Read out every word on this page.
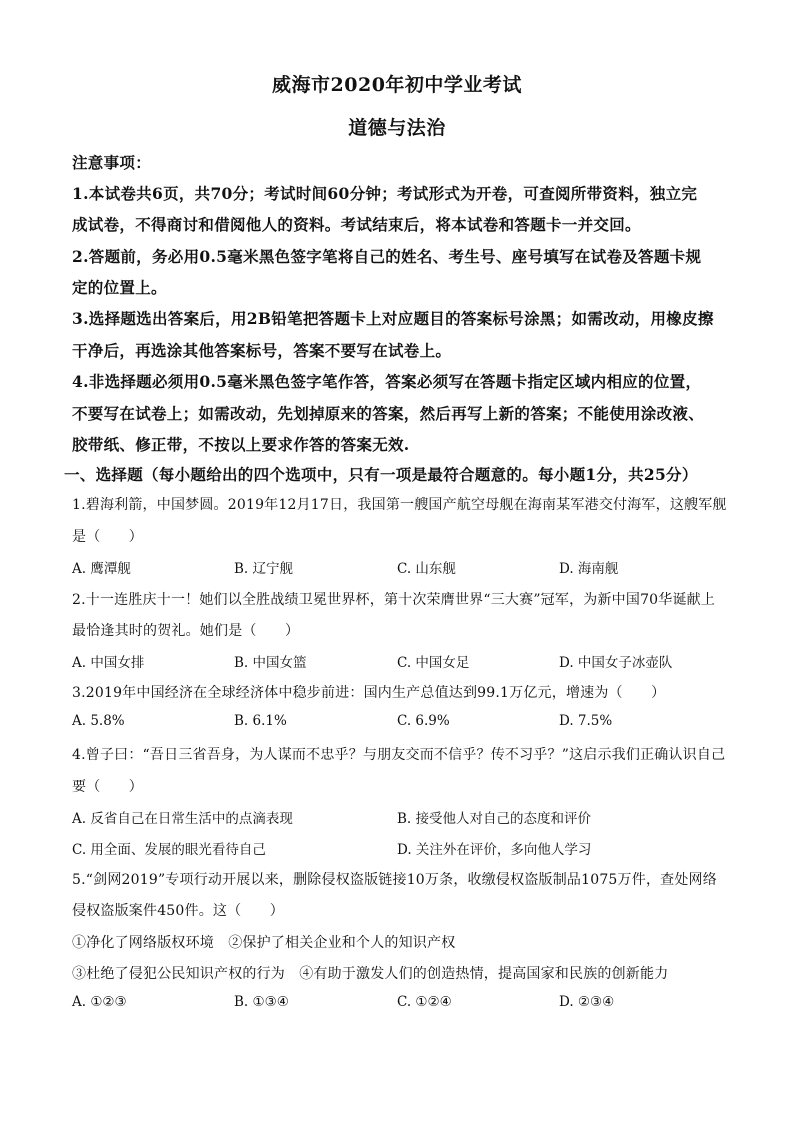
威海市2020年初中学业考试
道德与法治
注意事项：
1.本试卷共6页，共70分；考试时间60分钟；考试形式为开卷，可查阅所带资料，独立完
成试卷，不得商讨和借阅他人的资料。考试结束后，将本试卷和答题卡一并交回。
2.答题前，务必用0.5毫米黑色签字笔将自己的姓名、考生号、座号填写在试卷及答题卡规
定的位置上。
3.选择题选出答案后，用2B铅笔把答题卡上对应题目的答案标号涂黑；如需改动，用橡皮擦
干净后，再选涂其他答案标号，答案不要写在试卷上。
4.非选择题必须用0.5毫米黑色签字笔作答，答案必须写在答题卡指定区域内相应的位置，
不要写在试卷上；如需改动，先划掉原来的答案，然后再写上新的答案；不能使用涂改液、
胶带纸、修正带，不按以上要求作答的答案无效.
一、选择题（每小题给出的四个选项中，只有一项是最符合题意的。每小题1分，共25分）
1.碧海利箭，中国梦圆。2019年12月17日，我国第一艘国产航空母舰在海南某军港交付海军，这艘军舰
是（　　）
A. 鹰潭舰	B. 辽宁舰	C. 山东舰	D. 海南舰
2.十一连胜庆十一！她们以全胜战绩卫冕世界杯，第十次荣膺世界“三大赛”冠军，为新中国70华诞献上
最恰逢其时的贺礼。她们是（　　）
A. 中国女排	B. 中国女篮	C. 中国女足	D. 中国女子冰壶队
3.2019年中国经济在全球经济体中稳步前进：国内生产总值达到99.1万亿元，增速为（　　）
A. 5.8%	B. 6.1%	C. 6.9%	D. 7.5%
4.曾子曰：“吾日三省吾身，为人谋而不忠乎？与朋友交而不信乎？传不习乎？”这启示我们正确认识自己
要（　　）
A. 反省自己在日常生活中的点滴表现	B. 接受他人对自己的态度和评价
C. 用全面、发展的眼光看待自己	D. 关注外在评价，多向他人学习
5.“剑网2019”专项行动开展以来，删除侵权盗版链接10万条，收缴侵权盗版制品1075万件，查处网络
侵权盗版案件450件。这（　　）
①净化了网络版权环境　②保护了相关企业和个人的知识产权
③杜绝了侵犯公民知识产权的行为　④有助于激发人们的创造热情，提高国家和民族的创新能力
A. ①②③	B. ①③④	C. ①②④	D. ②③④
